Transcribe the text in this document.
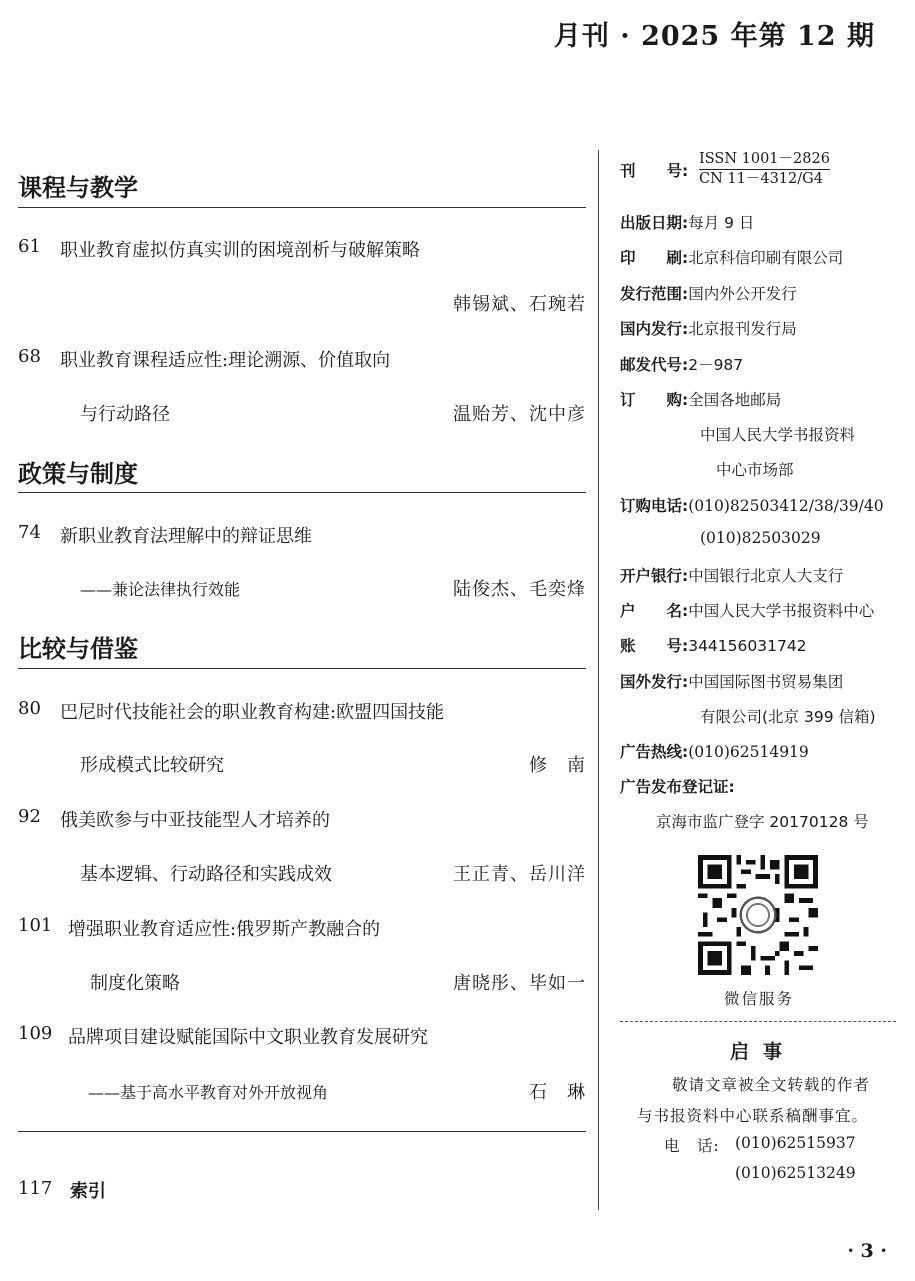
月刊 · 2025 年第 12 期
课程与教学
61 职业教育虚拟仿真实训的困境剖析与破解策略
韩锡斌、石琬若
68 职业教育课程适应性:理论溯源、价值取向
与行动路径	温贻芳、沈中彦
政策与制度
74 新职业教育法理解中的辩证思维
——兼论法律执行效能	陆俊杰、毛奕烽
比较与借鉴
80 巴尼时代技能社会的职业教育构建:欧盟四国技能
形成模式比较研究	修　南
92 俄美欧参与中亚技能型人才培养的
基本逻辑、行动路径和实践成效	王正青、岳川洋
101 增强职业教育适应性:俄罗斯产教融合的
制度化策略	唐晓彤、毕如一
109 品牌项目建设赋能国际中文职业教育发展研究
——基于高水平教育对外开放视角	石　琳
117 索引
刊　　号:
ISSN 1001－2826
CN 11－4312/G4
出版日期:每月 9 日
印　　刷:北京科信印刷有限公司
发行范围:国内外公开发行
国内发行:北京报刊发行局
邮发代号:2－987
订　　购:全国各地邮局
中国人民大学书报资料
中心市场部
订购电话:(010)82503412/38/39/40
(010)82503029
开户银行:中国银行北京人大支行
户　　名:中国人民大学书报资料中心
账　　号:344156031742
国外发行:中国国际图书贸易集团
有限公司(北京 399 信箱)
广告热线:(010)62514919
广告发布登记证:
京海市监广登字 20170128 号
微信服务
启事
敬请文章被全文转载的作者
与书报资料中心联系稿酬事宜。
电　话: (010)62515937
(010)62513249
· 3 ·
